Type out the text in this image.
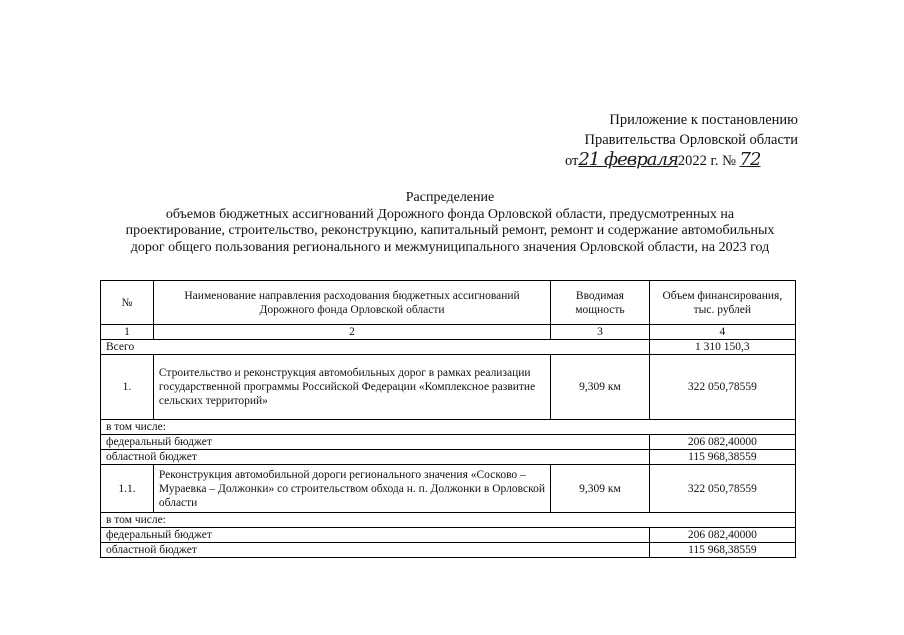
Приложение к постановлению
Правительства Орловской области
от21 февраля2022 г. № 72
Распределение
объемов бюджетных ассигнований Дорожного фонда Орловской области, предусмотренных на проектирование, строительство, реконструкцию, капитальный ремонт, ремонт и содержание автомобильных дорог общего пользования регионального и межмуниципального значения Орловской области, на 2023 год
№	Наименование направления расходования бюджетных ассигнований Дорожного фонда Орловской области	Вводимая мощность	Объем финансирования, тыс. рублей
1	2	3	4
Всего			1 310 150,3
1.	Строительство и реконструкция автомобильных дорог в рамках реализации государственной программы Российской Федерации «Комплексное развитие сельских территорий»	9,309 км	322 050,78559
в том числе:			
федеральный бюджет			206 082,40000
областной бюджет			115 968,38559
1.1.	Реконструкция автомобильной дороги регионального значения «Сосково – Мураевка – Должонки» со строительством обхода н. п. Должонки в Орловской области	9,309 км	322 050,78559
в том числе:			
федеральный бюджет			206 082,40000
областной бюджет			115 968,38559
